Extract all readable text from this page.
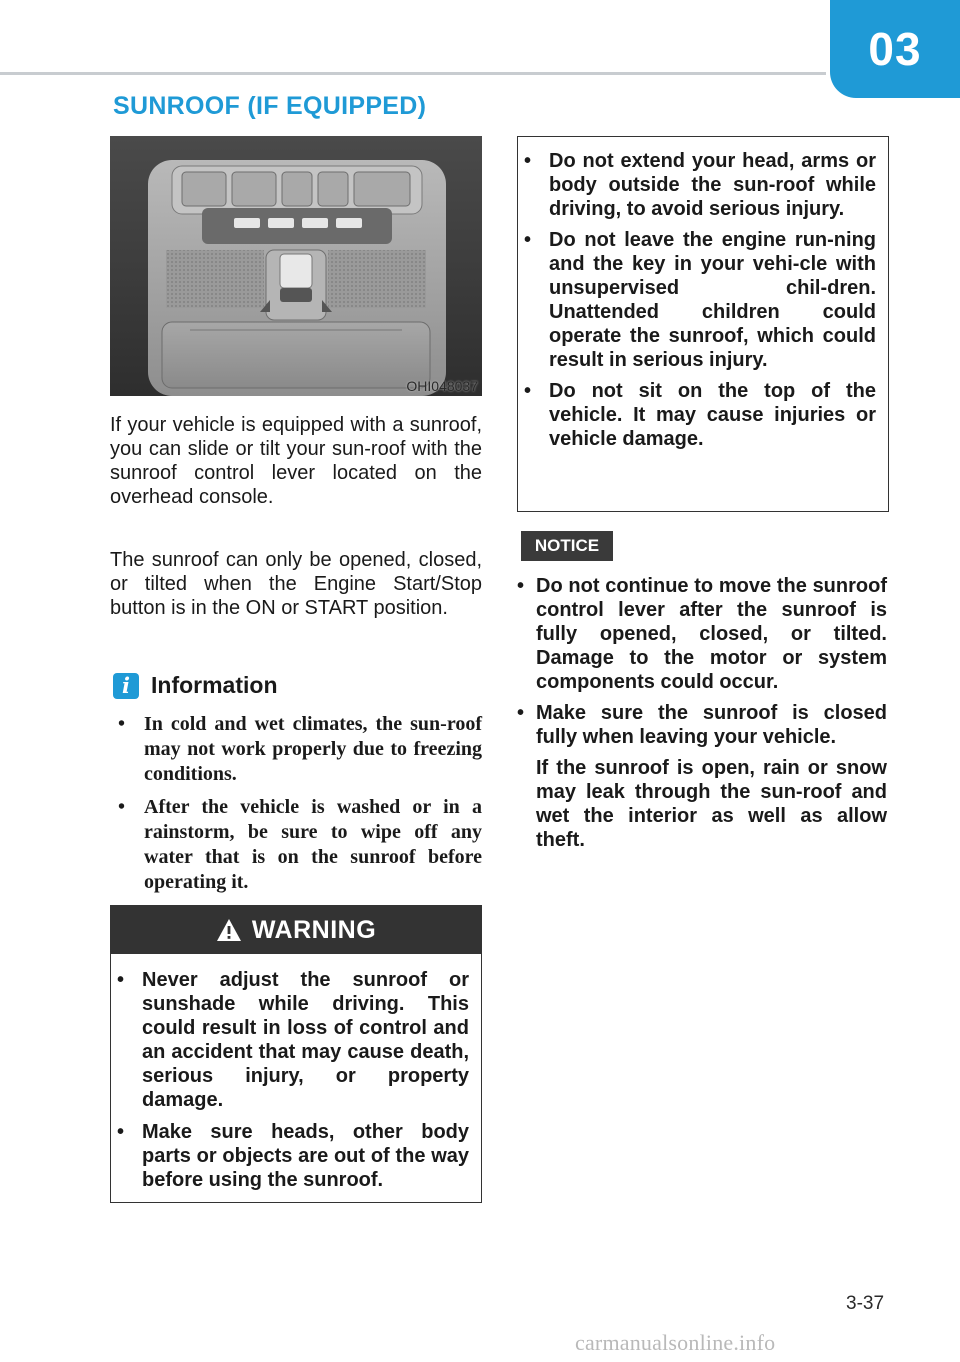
03
SUNROOF (IF EQUIPPED)
OHI048037

If your vehicle is equipped with a sunroof, you can slide or tilt your sun-roof with the sunroof control lever located on the overhead console.

The sunroof can only be opened, closed, or tilted when the Engine Start/Stop button is in the ON or START position.

i Information
• In cold and wet climates, the sun-roof may not work properly due to freezing conditions.
• After the vehicle is washed or in a rainstorm, be sure to wipe off any water that is on the sunroof before operating it.
WARNING
• Never adjust the sunroof or sunshade while driving. This could result in loss of control and an accident that may cause death, serious injury, or property damage.
• Make sure heads, other body parts or objects are out of the way before using the sunroof.
• Do not extend your head, arms or body outside the sun-roof while driving, to avoid serious injury.
• Do not leave the engine run-ning and the key in your vehi-cle with unsupervised chil-dren. Unattended children could operate the sunroof, which could result in serious injury.
• Do not sit on the top of the vehicle. It may cause injuries or vehicle damage.
NOTICE
• Do not continue to move the sunroof control lever after the sunroof is fully opened, closed, or tilted. Damage to the motor or system components could occur.
• Make sure the sunroof is closed fully when leaving your vehicle.

If the sunroof is open, rain or snow may leak through the sun-roof and wet the interior as well as allow theft.

3-37
carmanualsonline.info
